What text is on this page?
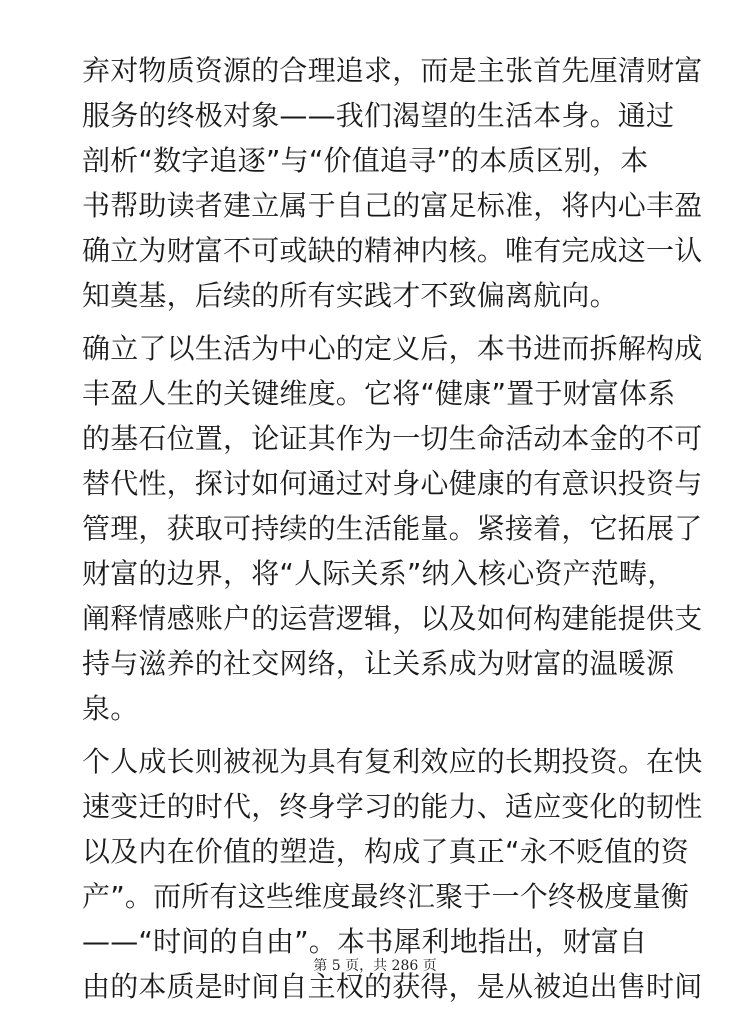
弃对物质资源的合理追求，而是主张首先厘清财富
服务的终极对象——我们渴望的生活本身。通过
剖析“数字追逐”与“价值追寻”的本质区别，本
书帮助读者建立属于自己的富足标准，将内心丰盈
确立为财富不可或缺的精神内核。唯有完成这一认
知奠基，后续的所有实践才不致偏离航向。
确立了以生活为中心的定义后，本书进而拆解构成
丰盈人生的关键维度。它将“健康”置于财富体系
的基石位置，论证其作为一切生命活动本金的不可
替代性，探讨如何通过对身心健康的有意识投资与
管理，获取可持续的生活能量。紧接着，它拓展了
财富的边界，将“人际关系”纳入核心资产范畴，
阐释情感账户的运营逻辑，以及如何构建能提供支
持与滋养的社交网络，让关系成为财富的温暖源
泉。
个人成长则被视为具有复利效应的长期投资。在快
速变迁的时代，终身学习的能力、适应变化的韧性
以及内在价值的塑造，构成了真正“永不贬值的资
产”。而所有这些维度最终汇聚于一个终极度量衡
——“时间的自由”。本书犀利地指出，财富自
由的本质是时间自主权的获得，是从被迫出售时间
第 5 页，共 286 页
